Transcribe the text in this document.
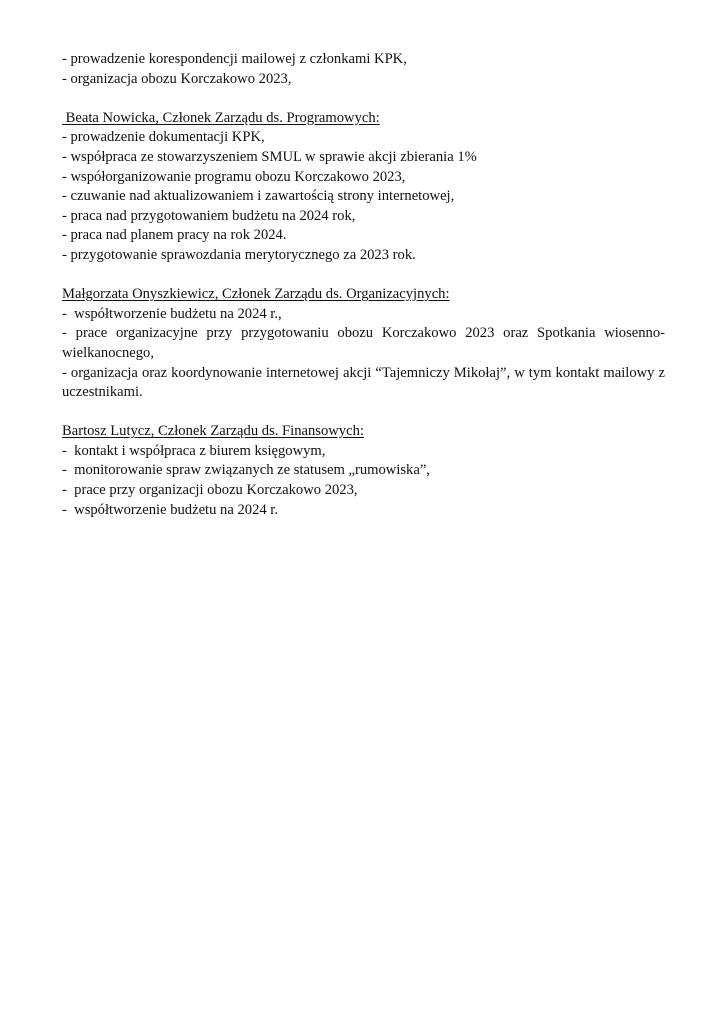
- prowadzenie korespondencji mailowej z członkami KPK,
- organizacja obozu Korczakowo 2023,
Beata Nowicka, Członek Zarządu ds. Programowych:
- prowadzenie dokumentacji KPK,
- współpraca ze stowarzyszeniem SMUL w sprawie akcji zbierania 1%
- współorganizowanie programu obozu Korczakowo 2023,
- czuwanie nad aktualizowaniem i zawartością strony internetowej,
- praca nad przygotowaniem budżetu na 2024 rok,
- praca nad planem pracy na rok 2024.
- przygotowanie sprawozdania merytorycznego za 2023 rok.
Małgorzata Onyszkiewicz, Członek Zarządu ds. Organizacyjnych:
-  współtworzenie budżetu na 2024 r.,
- prace organizacyjne przy przygotowaniu obozu Korczakowo 2023 oraz Spotkania wiosenno-wielkanocnego,
- organizacja oraz koordynowanie internetowej akcji “Tajemniczy Mikołaj”, w tym kontakt mailowy z uczestnikami.
Bartosz Lutycz, Członek Zarządu ds. Finansowych:
-  kontakt i współpraca z biurem księgowym,
-  monitorowanie spraw związanych ze statusem „rumowiska”,
-  prace przy organizacji obozu Korczakowo 2023,
-  współtworzenie budżetu na 2024 r.
